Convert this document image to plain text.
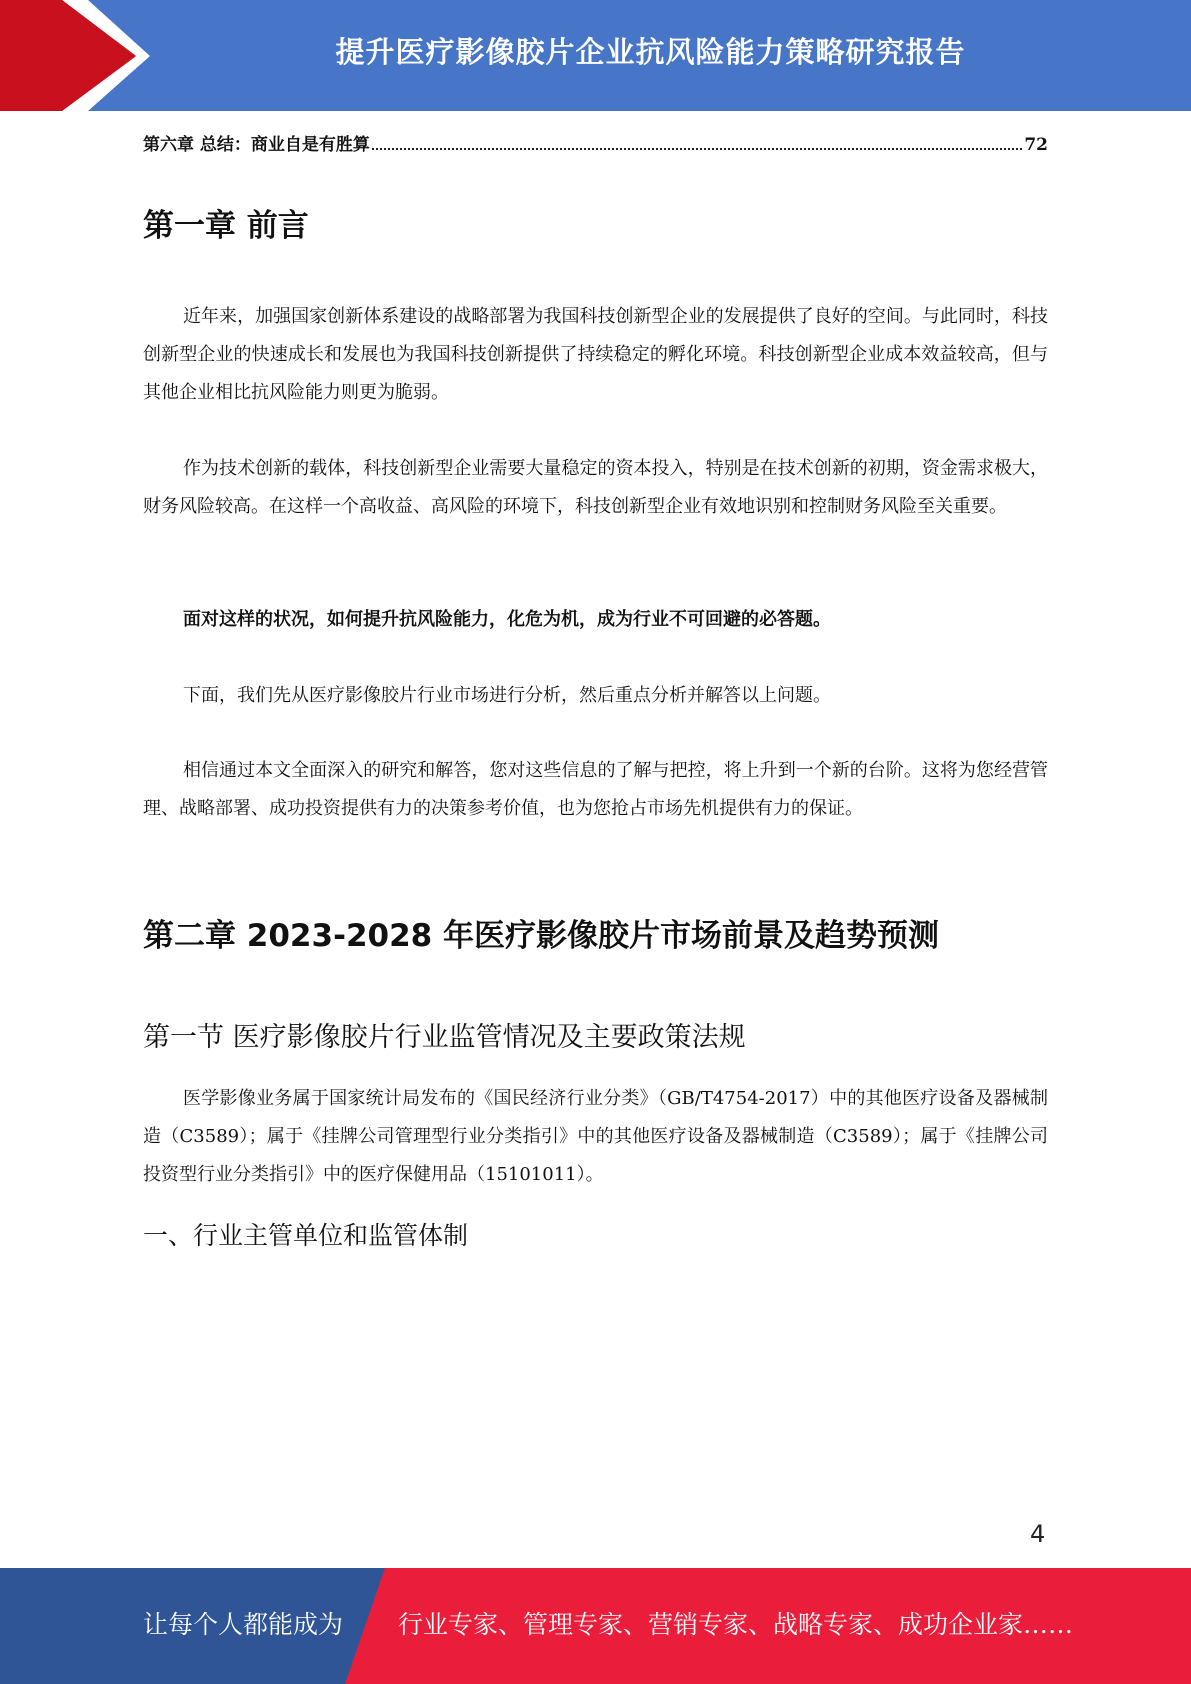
提升医疗影像胶片企业抗风险能力策略研究报告
第六章 总结：商业自是有胜算	72
第一章 前言

近年来，加强国家创新体系建设的战略部署为我国科技创新型企业的发展提供了良好的空间。与此同时，科技创新型企业的快速成长和发展也为我国科技创新提供了持续稳定的孵化环境。科技创新型企业成本效益较高，但与其他企业相比抗风险能力则更为脆弱。

作为技术创新的载体，科技创新型企业需要大量稳定的资本投入，特别是在技术创新的初期，资金需求极大，财务风险较高。在这样一个高收益、高风险的环境下，科技创新型企业有效地识别和控制财务风险至关重要。

面对这样的状况，如何提升抗风险能力，化危为机，成为行业不可回避的必答题。

下面，我们先从医疗影像胶片行业市场进行分析，然后重点分析并解答以上问题。

相信通过本文全面深入的研究和解答，您对这些信息的了解与把控，将上升到一个新的台阶。这将为您经营管理、战略部署、成功投资提供有力的决策参考价值，也为您抢占市场先机提供有力的保证。

第二章 2023-2028 年医疗影像胶片市场前景及趋势预测
第一节 医疗影像胶片行业监管情况及主要政策法规

医学影像业务属于国家统计局发布的《国民经济行业分类》（GB/T4754-2017）中的其他医疗设备及器械制造（C3589）；属于《挂牌公司管理型行业分类指引》中的其他医疗设备及器械制造（C3589）；属于《挂牌公司投资型行业分类指引》中的医疗保健用品（15101011）。

一、行业主管单位和监管体制
4
让每个人都能成为 行业专家、管理专家、营销专家、战略专家、成功企业家……
